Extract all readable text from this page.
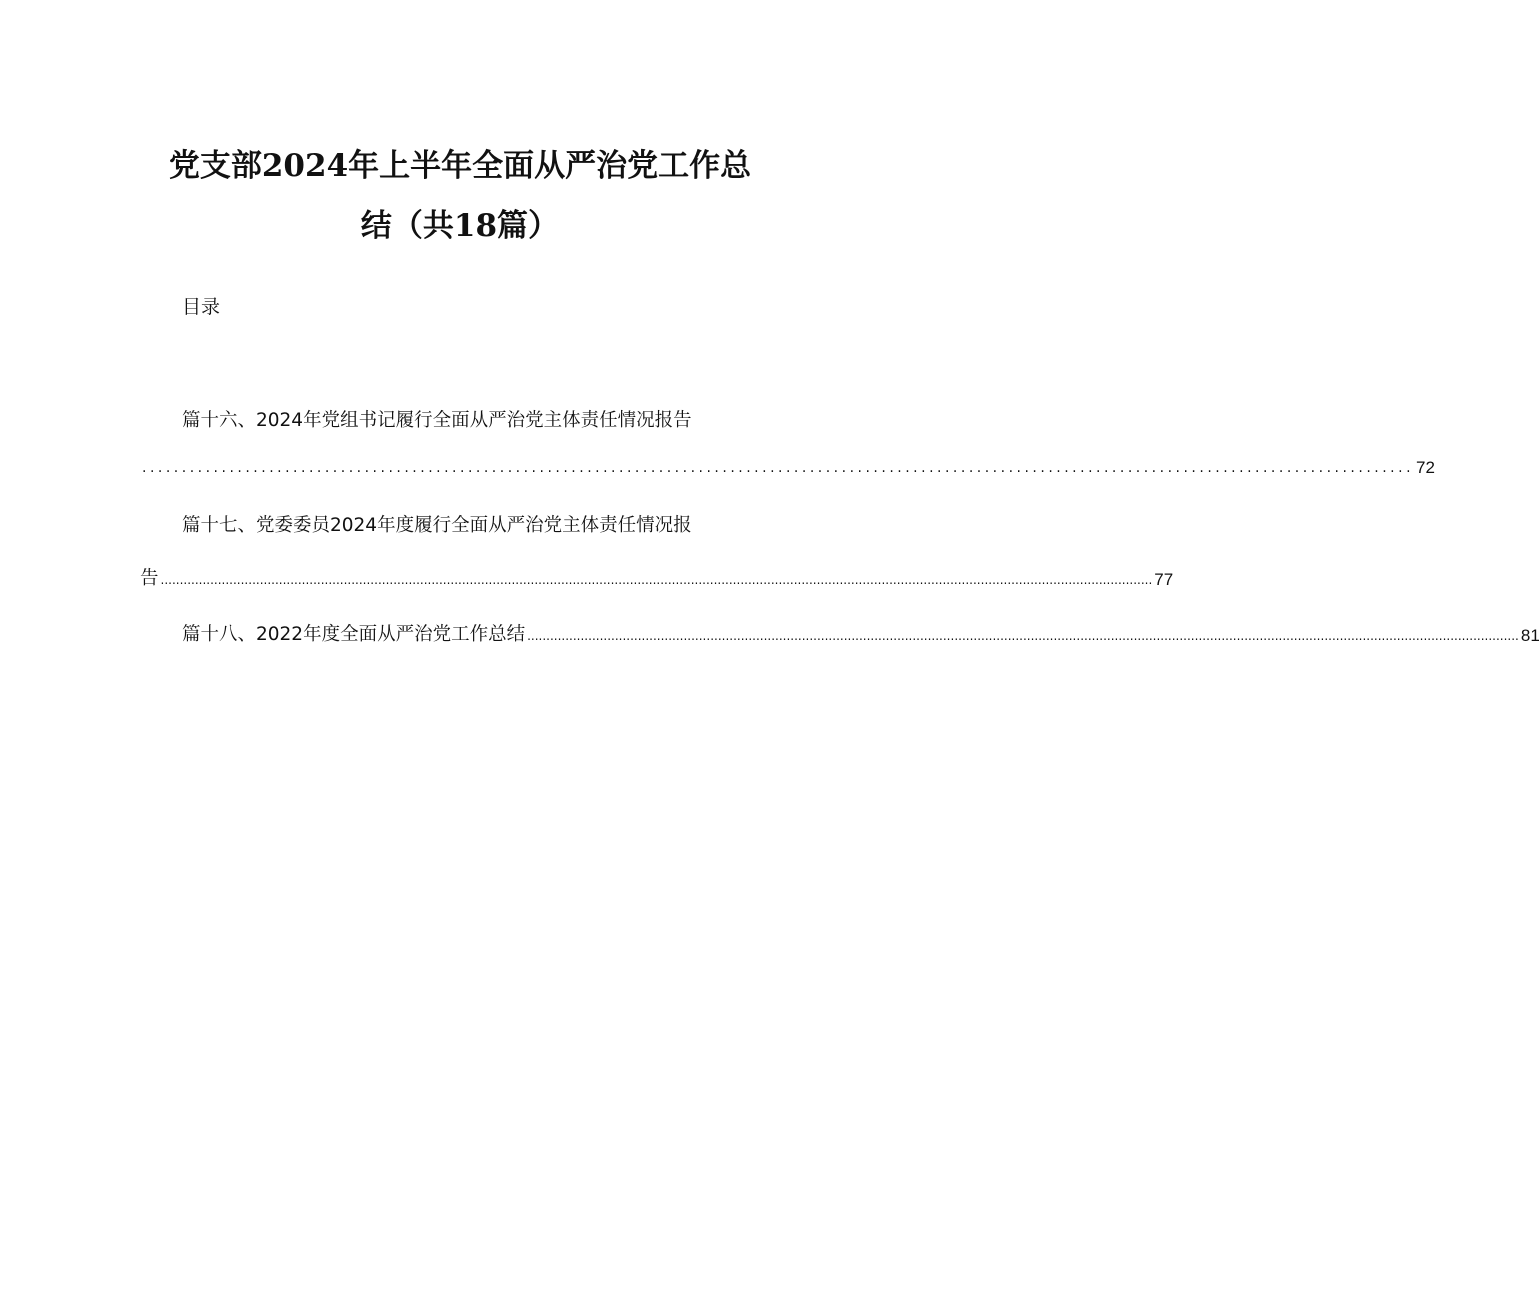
党支部2024年上半年全面从严治党工作总
结（共18篇）
目录
篇十六、2024年党组书记履行全面从严治党主体责任情况报告
................................................................................................................................................................ 72
篇十七、党委委员2024年度履行全面从严治党主体责任情况报
告 .................................................................................................................................................................................................................................................................... 77
篇十八、2022年度全面从严治党工作总结 .................................................................................................................................................................................................................................................................... 81
